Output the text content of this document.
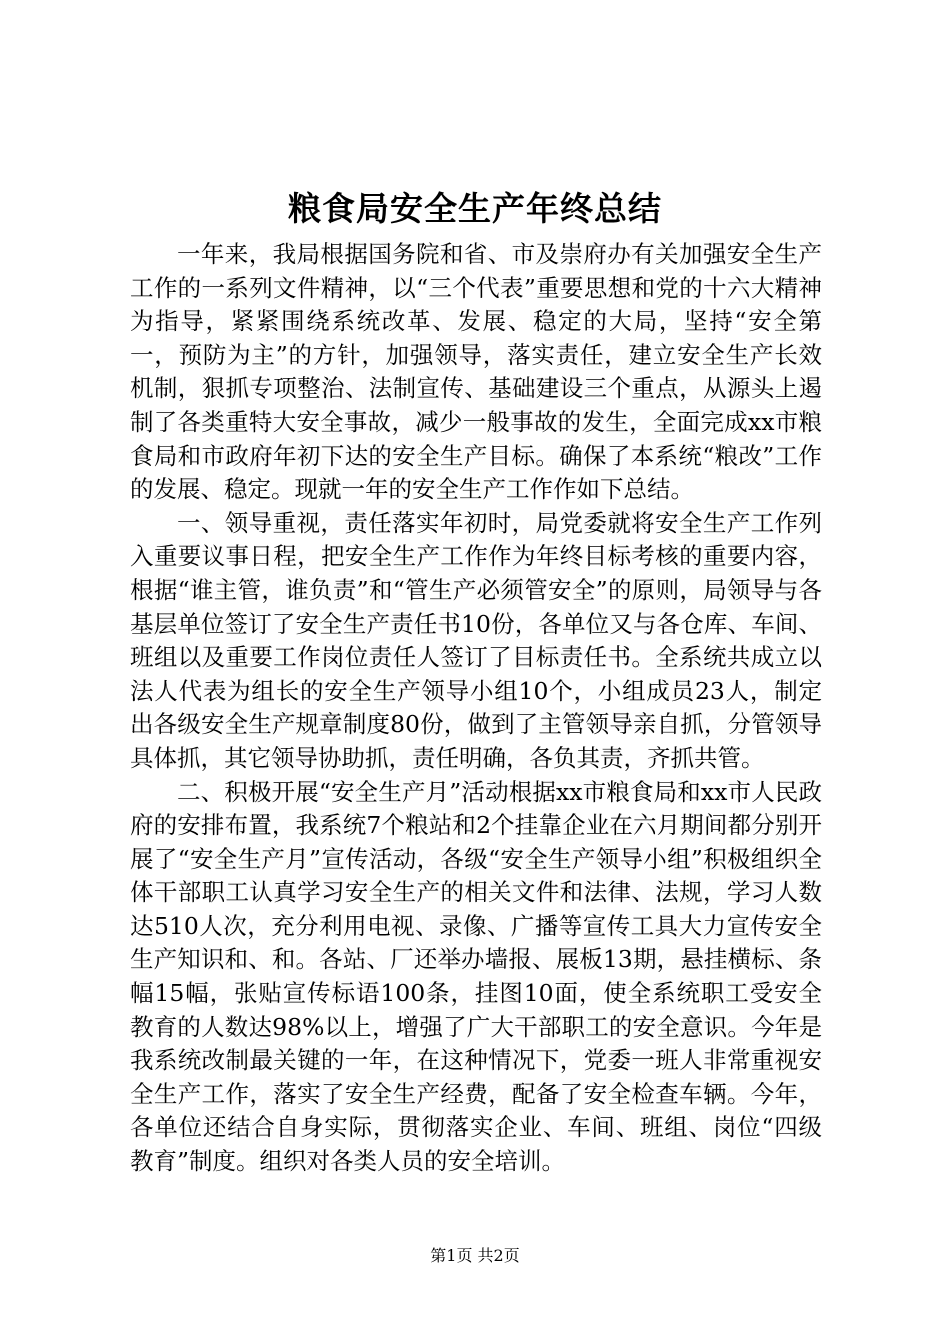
粮食局安全生产年终总结

一年来，我局根据国务院和省、市及崇府办有关加强安全生产工作的一系列文件精神，以“三个代表”重要思想和党的十六大精神为指导，紧紧围绕系统改革、发展、稳定的大局，坚持“安全第一，预防为主”的方针，加强领导，落实责任，建立安全生产长效机制，狠抓专项整治、法制宣传、基础建设三个重点，从源头上遏制了各类重特大安全事故，减少一般事故的发生，全面完成xx市粮食局和市政府年初下达的安全生产目标。确保了本系统“粮改”工作的发展、稳定。现就一年的安全生产工作作如下总结。

一、领导重视，责任落实年初时，局党委就将安全生产工作列入重要议事日程，把安全生产工作作为年终目标考核的重要内容，根据“谁主管，谁负责”和“管生产必须管安全”的原则，局领导与各基层单位签订了安全生产责任书10份，各单位又与各仓库、车间、班组以及重要工作岗位责任人签订了目标责任书。全系统共成立以法人代表为组长的安全生产领导小组10个，小组成员23人，制定出各级安全生产规章制度80份，做到了主管领导亲自抓，分管领导具体抓，其它领导协助抓，责任明确，各负其责，齐抓共管。

二、积极开展“安全生产月”活动根据xx市粮食局和xx市人民政府的安排布置，我系统7个粮站和2个挂靠企业在六月期间都分别开展了“安全生产月”宣传活动，各级“安全生产领导小组”积极组织全体干部职工认真学习安全生产的相关文件和法律、法规，学习人数达510人次，充分利用电视、录像、广播等宣传工具大力宣传安全生产知识和、和。各站、厂还举办墙报、展板13期，悬挂横标、条幅15幅，张贴宣传标语100条，挂图10面，使全系统职工受安全教育的人数达98%以上，增强了广大干部职工的安全意识。今年是我系统改制最关键的一年，在这种情况下，党委一班人非常重视安全生产工作，落实了安全生产经费，配备了安全检查车辆。今年，各单位还结合自身实际，贯彻落实企业、车间、班组、岗位“四级教育”制度。组织对各类人员的安全培训。

第1页 共2页
